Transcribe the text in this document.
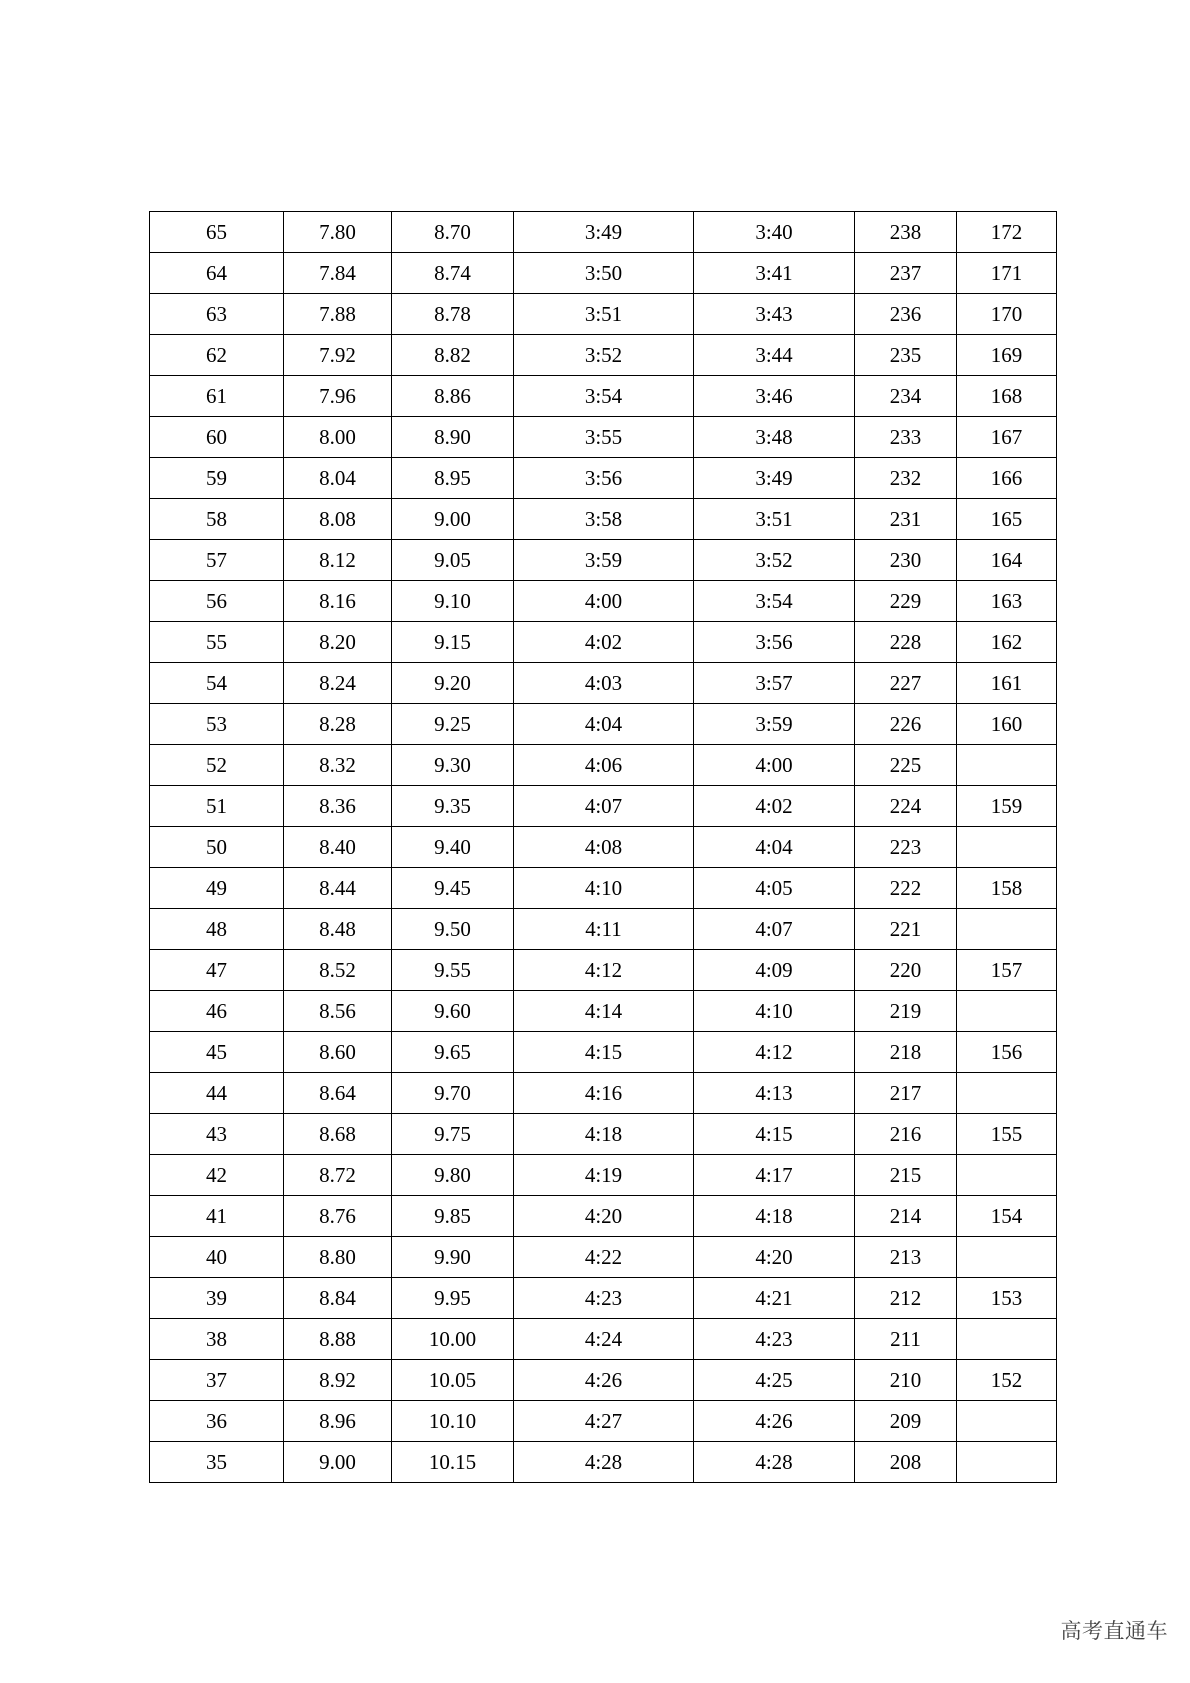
65	7.80	8.70	3:49	3:40	238	172
64	7.84	8.74	3:50	3:41	237	171
63	7.88	8.78	3:51	3:43	236	170
62	7.92	8.82	3:52	3:44	235	169
61	7.96	8.86	3:54	3:46	234	168
60	8.00	8.90	3:55	3:48	233	167
59	8.04	8.95	3:56	3:49	232	166
58	8.08	9.00	3:58	3:51	231	165
57	8.12	9.05	3:59	3:52	230	164
56	8.16	9.10	4:00	3:54	229	163
55	8.20	9.15	4:02	3:56	228	162
54	8.24	9.20	4:03	3:57	227	161
53	8.28	9.25	4:04	3:59	226	160
52	8.32	9.30	4:06	4:00	225	
51	8.36	9.35	4:07	4:02	224	159
50	8.40	9.40	4:08	4:04	223	
49	8.44	9.45	4:10	4:05	222	158
48	8.48	9.50	4:11	4:07	221	
47	8.52	9.55	4:12	4:09	220	157
46	8.56	9.60	4:14	4:10	219	
45	8.60	9.65	4:15	4:12	218	156
44	8.64	9.70	4:16	4:13	217	
43	8.68	9.75	4:18	4:15	216	155
42	8.72	9.80	4:19	4:17	215	
41	8.76	9.85	4:20	4:18	214	154
40	8.80	9.90	4:22	4:20	213	
39	8.84	9.95	4:23	4:21	212	153
38	8.88	10.00	4:24	4:23	211	
37	8.92	10.05	4:26	4:25	210	152
36	8.96	10.10	4:27	4:26	209	
35	9.00	10.15	4:28	4:28	208	
高考直通车
